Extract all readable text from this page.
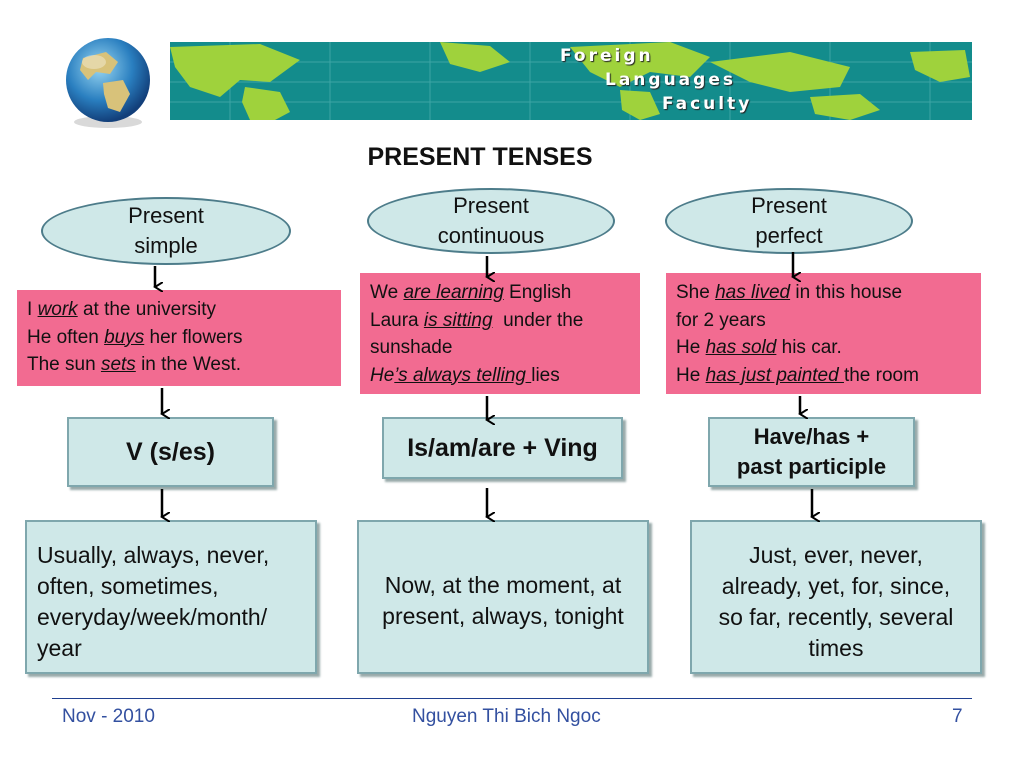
Foreign
Languages
Faculty
PRESENT TENSES
Present
simple
I work at the university
He often buys her flowers
The sun sets in the West.
V (s/es)
Usually, always, never,
often, sometimes,
everyday/week/month/
year
Present
continuous
We are learning English
Laura is sitting  under the
sunshade
He’s always telling lies
Is/am/are + Ving
Now, at the moment, at
present, always, tonight
Present
perfect
She has lived in this house
for 2 years
He has sold his car.
He has just painted the room
Have/has +
past participle
Just, ever, never,
already, yet, for, since,
so far, recently, several
times
Nov - 2010	Nguyen Thi Bich Ngoc	7
